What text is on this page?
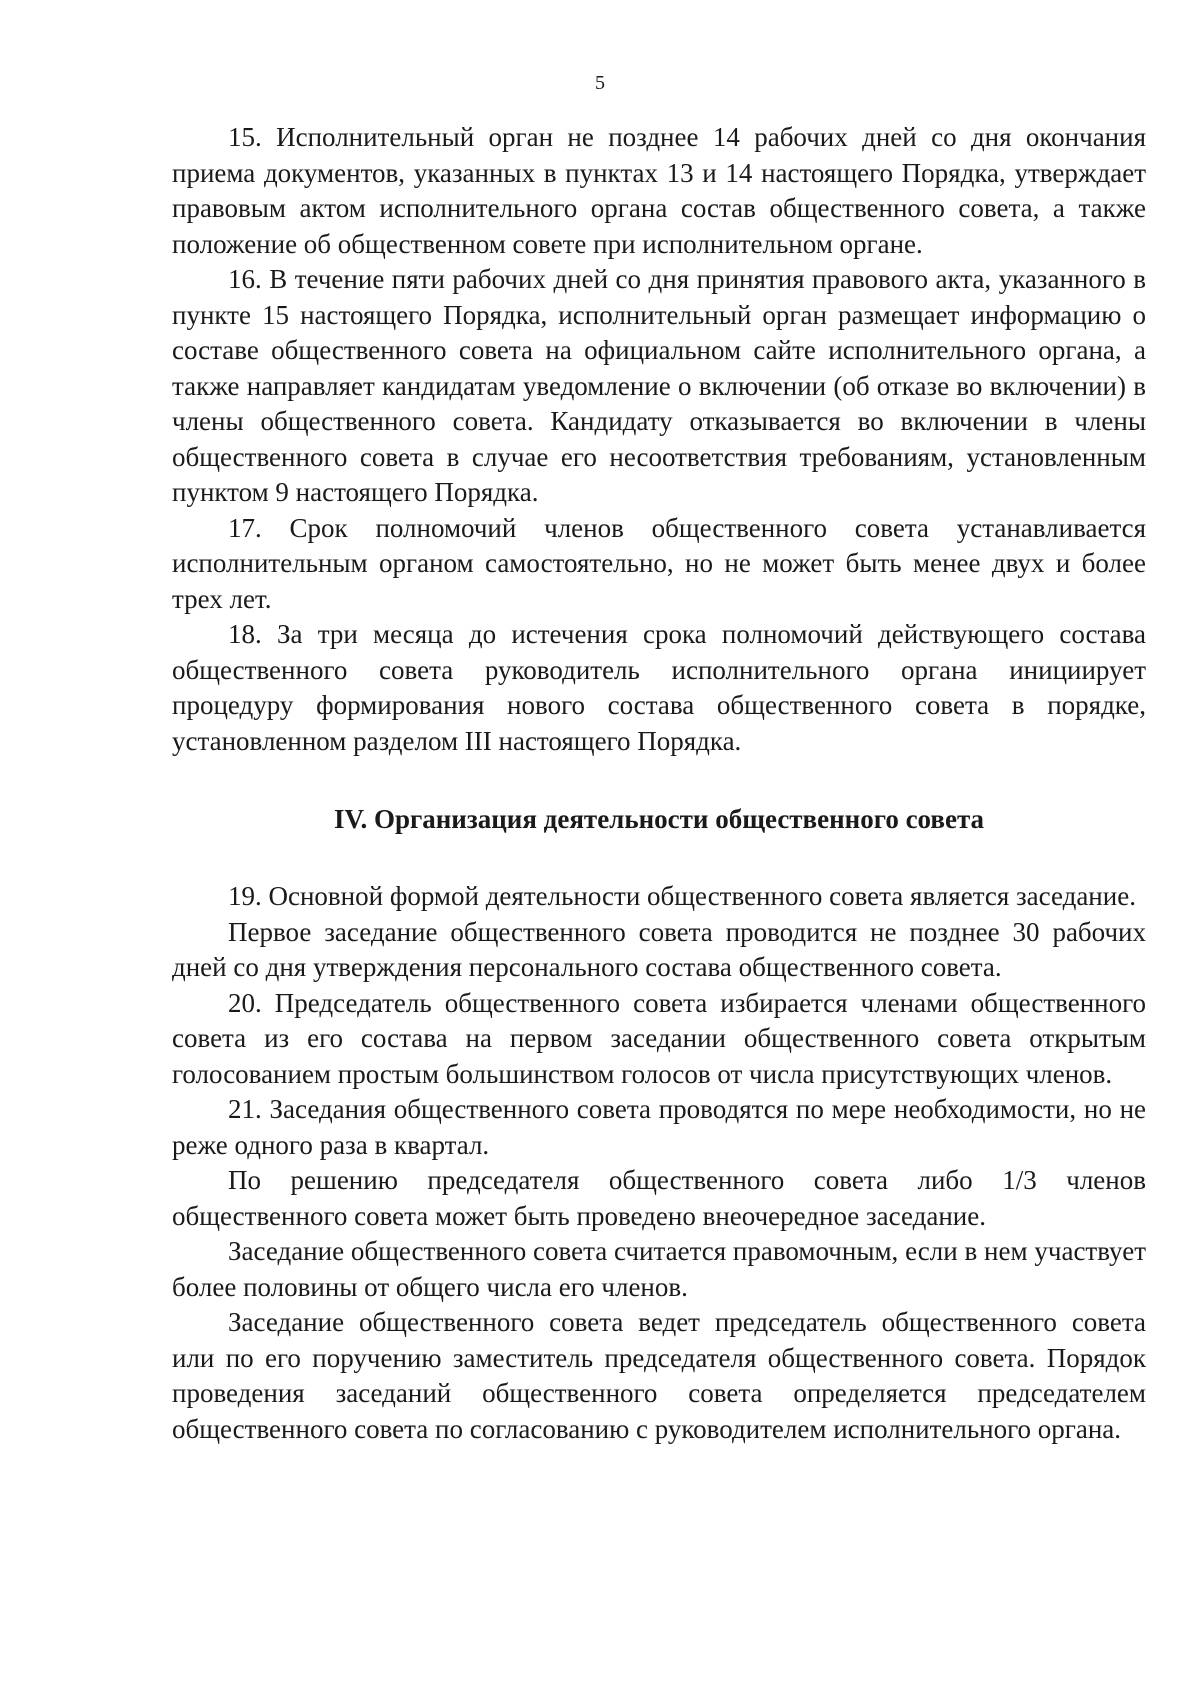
5

15. Исполнительный орган не позднее 14 рабочих дней со дня окончания приема документов, указанных в пунктах 13 и 14 настоящего Порядка, утверждает правовым актом исполнительного органа состав общественного совета, а также положение об общественном совете при исполнительном органе.

16. В течение пяти рабочих дней со дня принятия правового акта, указанного в пункте 15 настоящего Порядка, исполнительный орган размещает информацию о составе общественного совета на официальном сайте исполнительного органа, а также направляет кандидатам уведомление о включении (об отказе во включении) в члены общественного совета. Кандидату отказывается во включении в члены общественного совета в случае его несоответствия требованиям, установленным пунктом 9 настоящего Порядка.

17. Срок полномочий членов общественного совета устанавливается исполнительным органом самостоятельно, но не может быть менее двух и более трех лет.

18. За три месяца до истечения срока полномочий действующего состава общественного совета руководитель исполнительного органа инициирует процедуру формирования нового состава общественного совета в порядке, установленном разделом III настоящего Порядка.

IV. Организация деятельности общественного совета

19. Основной формой деятельности общественного совета является заседание.

Первое заседание общественного совета проводится не позднее 30 рабочих дней со дня утверждения персонального состава общественного совета.

20. Председатель общественного совета избирается членами общественного совета из его состава на первом заседании общественного совета открытым голосованием простым большинством голосов от числа присутствующих членов.

21. Заседания общественного совета проводятся по мере необходимости, но не реже одного раза в квартал.

По решению председателя общественного совета либо 1/3 членов общественного совета может быть проведено внеочередное заседание.

Заседание общественного совета считается правомочным, если в нем участвует более половины от общего числа его членов.

Заседание общественного совета ведет председатель общественного совета или по его поручению заместитель председателя общественного совета. Порядок проведения заседаний общественного совета определяется председателем общественного совета по согласованию с руководителем исполнительного органа.
